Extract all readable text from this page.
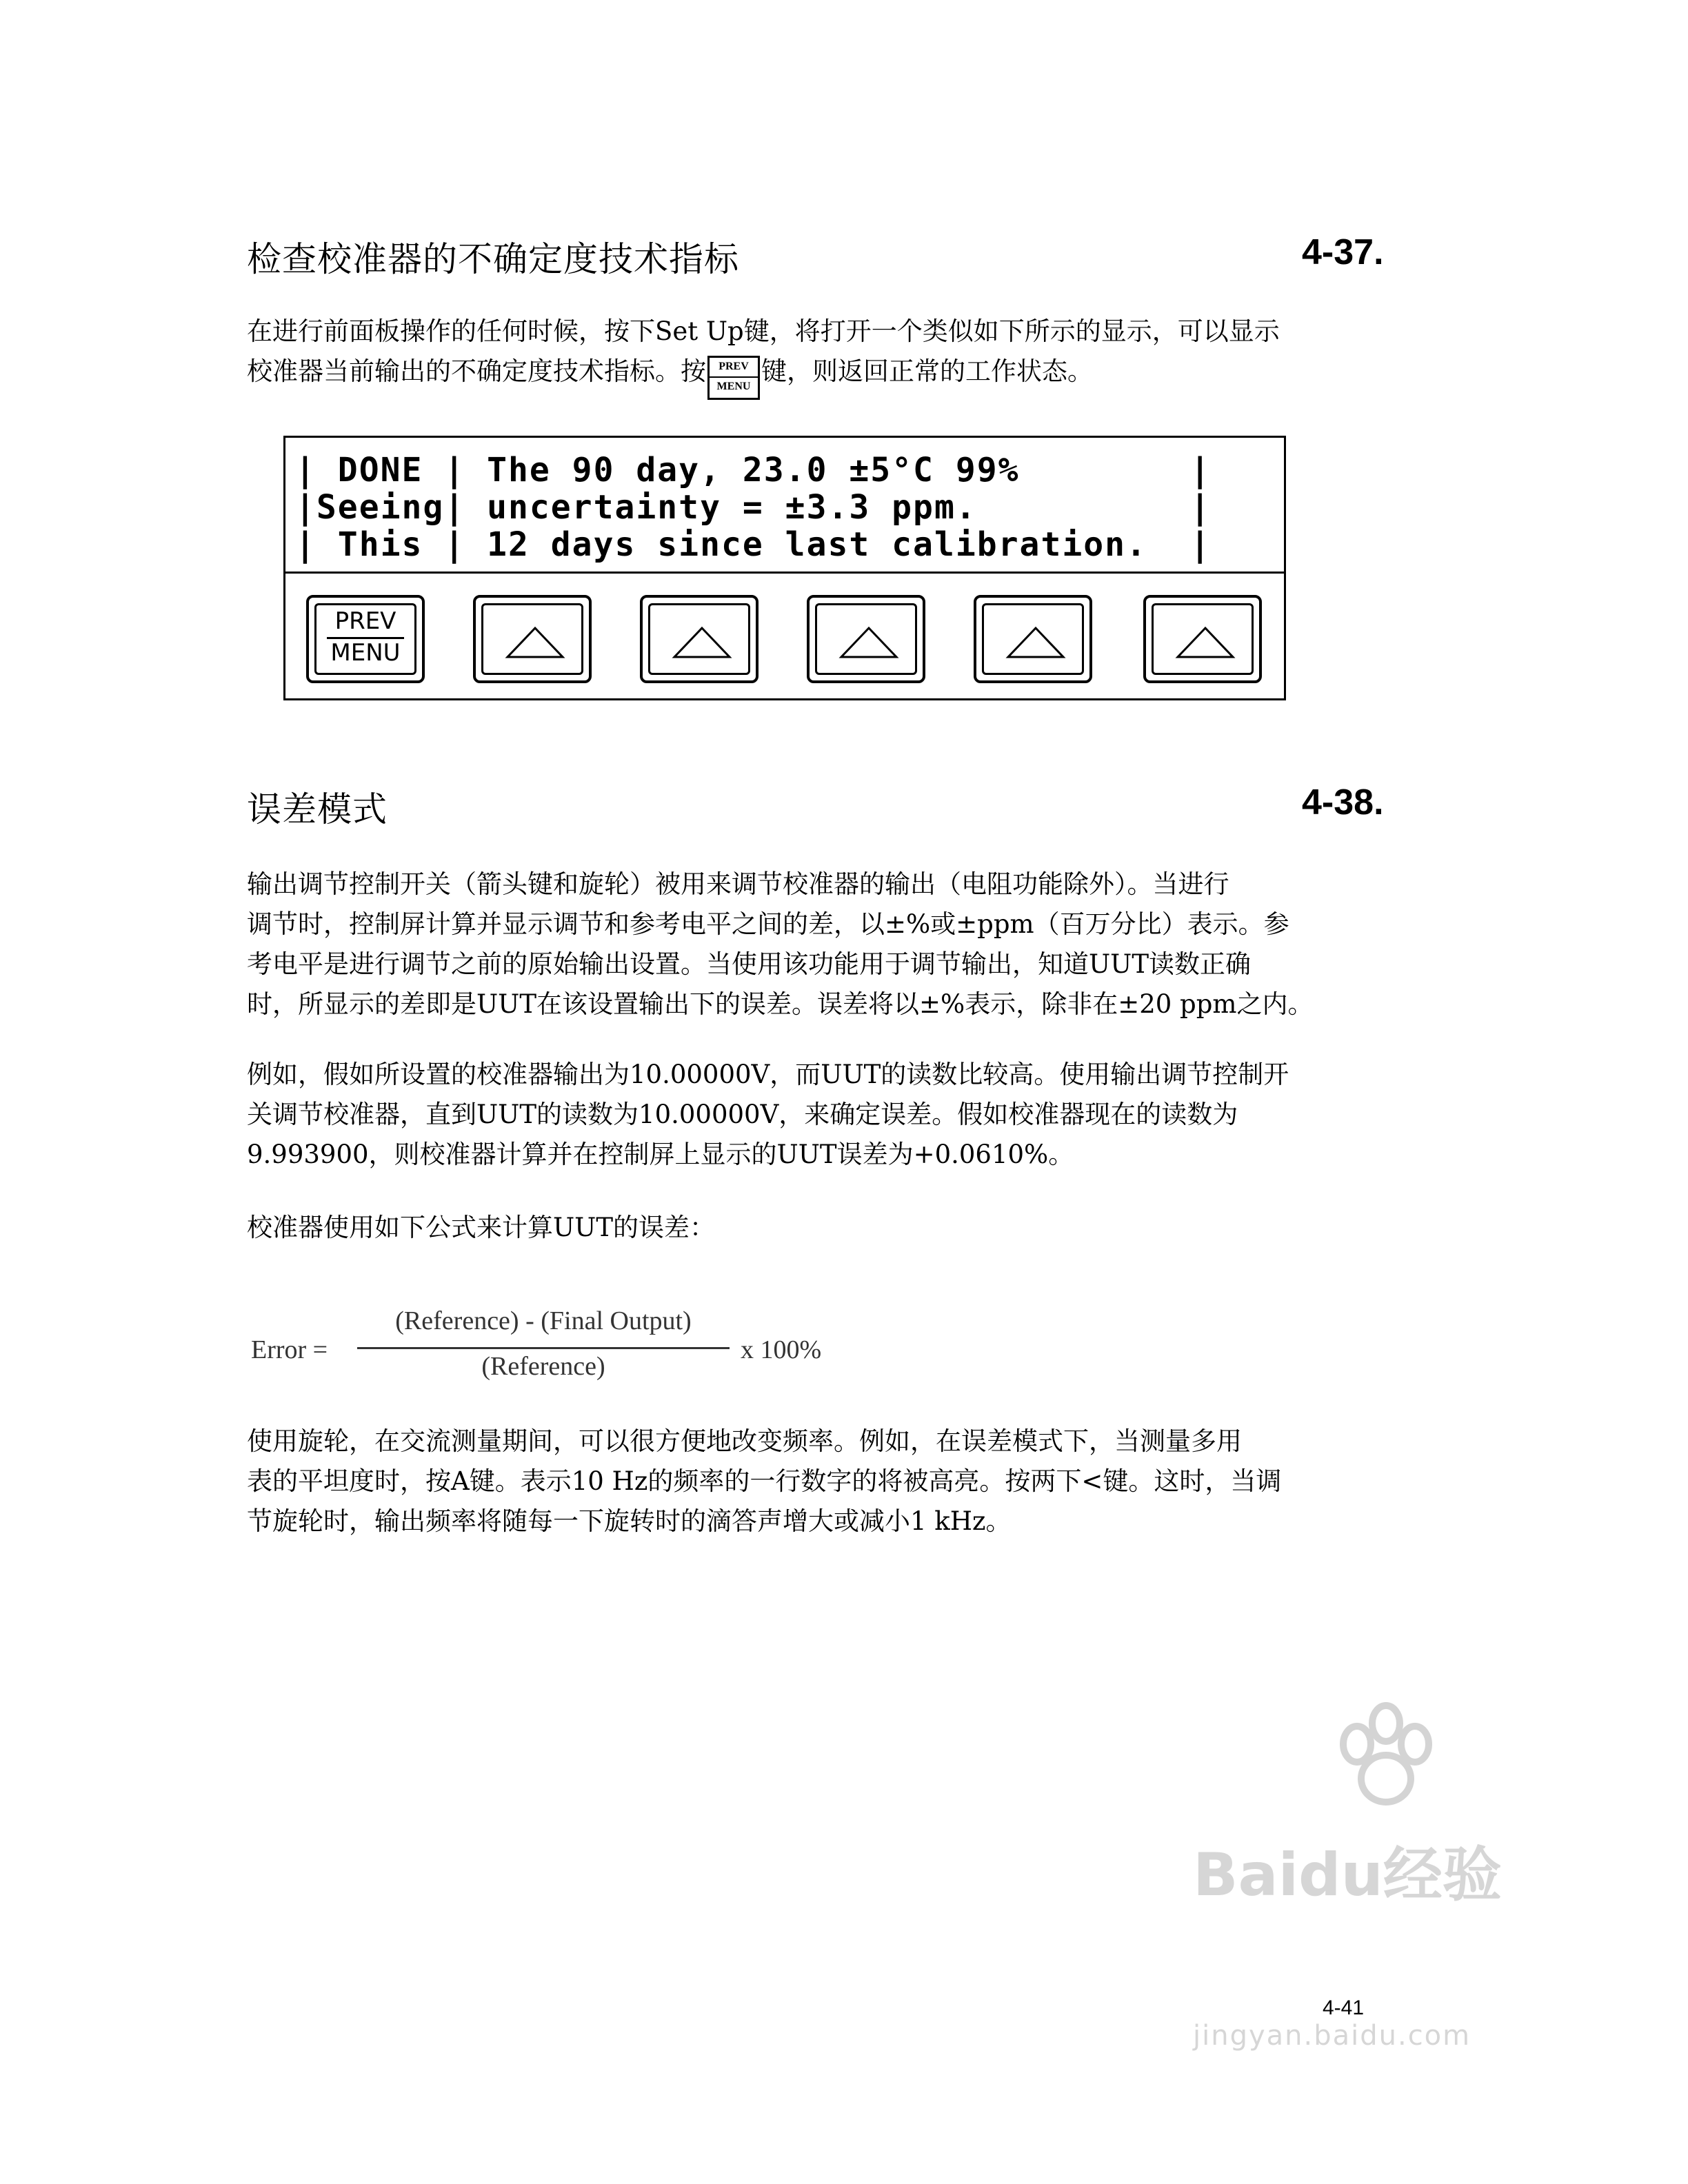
检查校准器的不确定度技术指标	4-37.
在进行前面板操作的任何时候，按下Set Up键，将打开一个类似如下所示的显示，可以显示
校准器当前输出的不确定度技术指标。按	PREV
MENU
键，则返回正常的工作状态。
| DONE | The 90 day, 23.0 ±5°C 99%        |
|Seeing| uncertainty = ±3.3 ppm.          |
| This | 12 days since last calibration.  |
PREV
MENU
误差模式	4-38.
输出调节控制开关（箭头键和旋轮）被用来调节校准器的输出（电阻功能除外）。当进行
调节时，控制屏计算并显示调节和参考电平之间的差，以±%或±ppm（百万分比）表示。参
考电平是进行调节之前的原始输出设置。当使用该功能用于调节输出，知道UUT读数正确
时，所显示的差即是UUT在该设置输出下的误差。误差将以±%表示，除非在±20 ppm之内。
例如，假如所设置的校准器输出为10.00000V，而UUT的读数比较高。使用输出调节控制开
关调节校准器，直到UUT的读数为10.00000V，来确定误差。假如校准器现在的读数为
9.993900，则校准器计算并在控制屏上显示的UUT误差为+0.0610%。
校准器使用如下公式来计算UUT的误差：
Error =
(Reference) - (Final Output)
(Reference)
x 100%
使用旋轮，在交流测量期间，可以很方便地改变频率。例如，在误差模式下，当测量多用
表的平坦度时，按A键。表示10 Hz的频率的一行数字的将被高亮。按两下<键。这时，当调
节旋轮时，输出频率将随每一下旋转时的滴答声增大或减小1 kHz。
Baidu经验
jingyan.baidu.com
4-41
